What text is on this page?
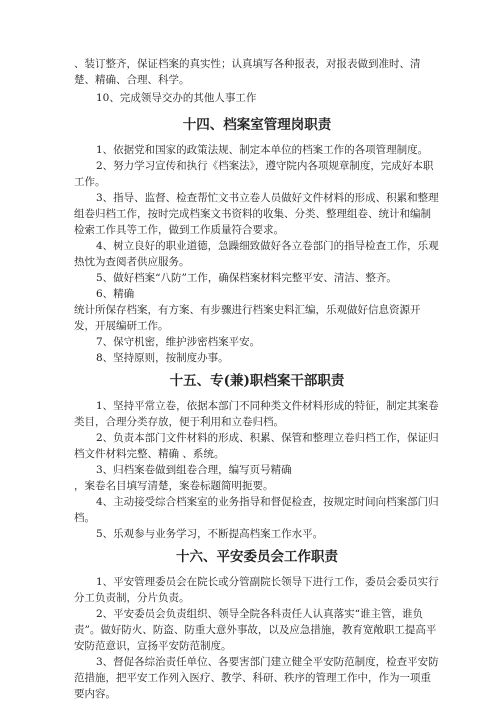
、装订整齐，保证档案的真实性；认真填写各种报表，对报表做到准时、清楚、精确、合理、科学。

10、完成领导交办的其他人事工作

十四、档案室管理岗职责

1、依据党和国家的政策法规、制定本单位的档案工作的各项管理制度。

2、努力学习宣传和执行《档案法》，遵守院内各项规章制度，完成好本职工作。

3、指导、监督、检查帮忙文书立卷人员做好文件材料的形成、积累和整理组卷归档工作，按时完成档案文书资料的收集、分类、整理组卷、统计和编制检索工作具等工作，做到工作质量符合要求。

4、树立良好的职业道德，急躁细致做好各立卷部门的指导检查工作，乐观热忱为查阅者供应服务。

5、做好档案“八防”工作，确保档案材料完整平安、清洁、整齐。

6、精确

统计所保存档案，有方案、有步骤进行档案史料汇编，乐观做好信息资源开发，开展编研工作。

7、保守机密，维护涉密档案平安。

8、坚持原则，按制度办事。

十五、专(兼)职档案干部职责

1、坚持平常立卷，依据本部门不同种类文件材料形成的特征，制定其案卷类目，合理分类存放，便于利用和立卷归档。

2、负责本部门文件材料的形成、积累、保管和整理立卷归档工作，保证归档文件材料完整、精确 、系统。

3、归档案卷做到组卷合理，编写页号精确

，案卷名目填写清楚，案卷标题简明扼要。

4、主动接受综合档案室的业务指导和督促检查，按规定时间向档案部门归档。

5、乐观参与业务学习，不断提高档案工作水平。

十六、平安委员会工作职责

1、平安管理委员会在院长或分管副院长领导下进行工作，委员会委员实行分工负责制，分片负责。

2、平安委员会负责组织、领导全院各科责任人认真落实“谁主管，谁负责”。做好防火、防盗、防重大意外事故，以及应急措施，教育宽敞职工提高平安防范意识，宣扬平安防范制度。

3、督促各综治责任单位、各要害部门建立健全平安防范制度，检查平安防范措施，把平安工作列入医疗、教学、科研、秩序的管理工作中，作为一项重要内容。
